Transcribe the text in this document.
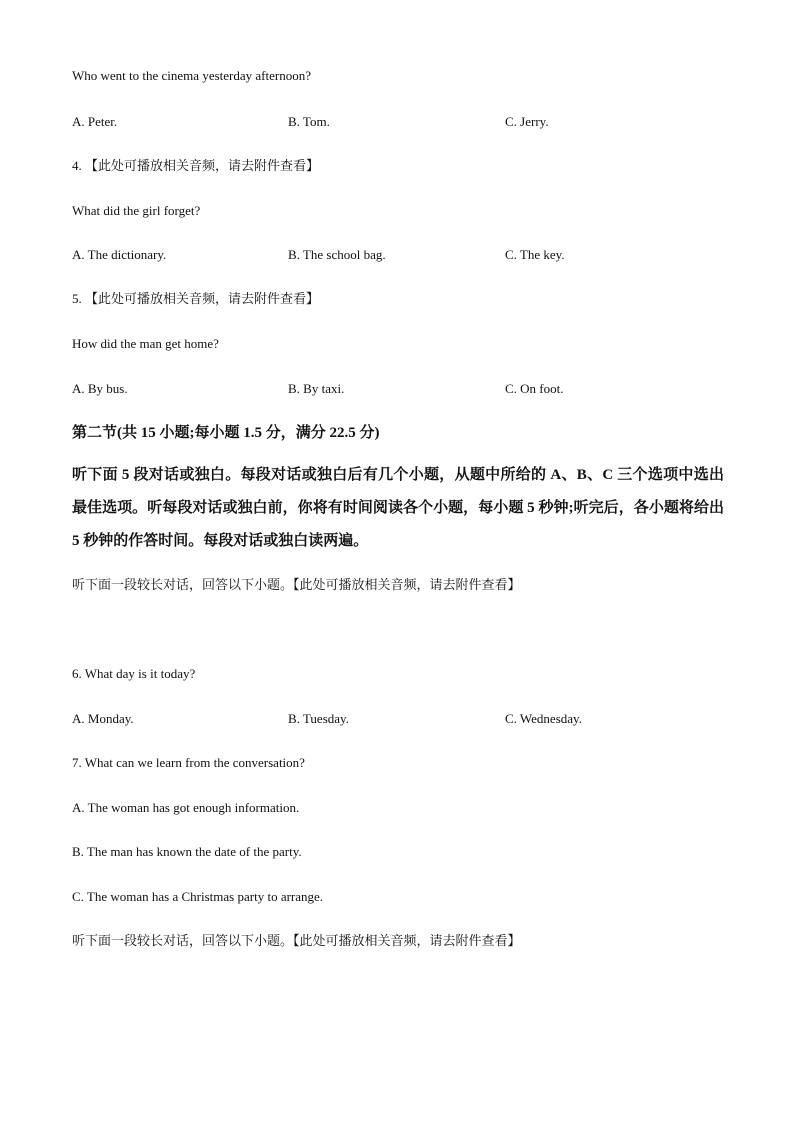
Who went to the cinema yesterday afternoon?
A. Peter.	B. Tom.	C. Jerry.
4. 【此处可播放相关音频，请去附件查看】
What did the girl forget?
A. The dictionary.	B. The school bag.	C. The key.
5. 【此处可播放相关音频，请去附件查看】
How did the man get home?
A. By bus.	B. By taxi.	C. On foot.
第二节(共 15 小题;每小题 1.5 分，满分 22.5 分)
听下面 5 段对话或独白。每段对话或独白后有几个小题，从题中所给的 A、B、C 三个选项中选出最佳选项。听每段对话或独白前，你将有时间阅读各个小题，每小题 5 秒钟;听完后，各小题将给出 5 秒钟的作答时间。每段对话或独白读两遍。
听下面一段较长对话，回答以下小题。【此处可播放相关音频，请去附件查看】
6. What day is it today?
A. Monday.	B. Tuesday.	C. Wednesday.
7. What can we learn from the conversation?
A. The woman has got enough information.
B. The man has known the date of the party.
C. The woman has a Christmas party to arrange.
听下面一段较长对话，回答以下小题。【此处可播放相关音频，请去附件查看】
